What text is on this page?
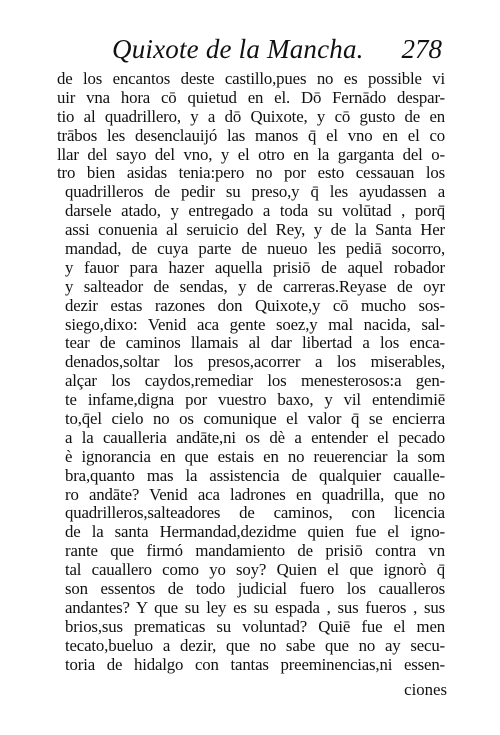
Quixote de la Mancha. 278
de los encantos deste castillo,pues no es possible vi
uir vna hora cō quietud en el. Dō Fernādo despar-
tio al quadrillero, y a dō Quixote, y cō gusto de en
trābos les desenclauijó las manos q̄ el vno en el co
llar del sayo del vno, y el otro en la garganta del o-
tro bien asidas tenia:pero no por esto cessauan los
quadrilleros de pedir su preso,y q̄ les ayudassen a
darsele atado, y entregado a toda su volūtad , porq̄
assi conuenia al seruicio del Rey, y de la Santa Her
mandad, de cuya parte de nueuo les pediā socorro,
y fauor para hazer aquella prisiō de aquel robador
y salteador de sendas, y de carreras.Reyase de oyr
dezir estas razones don Quixote,y cō mucho sos-
siego,dixo: Venid aca gente soez,y mal nacida, sal-
tear de caminos llamais al dar libertad a los enca-
denados,soltar los presos,acorrer a los miserables,
alçar los caydos,remediar los menesterosos:a gen-
te infame,digna por vuestro baxo, y vil entendimiē
to,q̄el cielo no os comunique el valor q̄ se encierra
a la caualleria andāte,ni os dè a entender el pecado
è ignorancia en que estais en no reuerenciar la som
bra,quanto mas la assistencia de qualquier caualle-
ro andāte? Venid aca ladrones en quadrilla, que no
quadrilleros,salteadores de caminos, con licencia
de la santa Hermandad,dezidme quien fue el igno-
rante que firmó mandamiento de prisiō contra vn
tal cauallero como yo soy? Quien el que ignorò q̄
son essentos de todo judicial fuero los caualleros
andantes? Y que su ley es su espada , sus fueros , sus
brios,sus prematicas su voluntad? Quiē fue el men
tecato,bueluo a dezir, que no sabe que no ay secu-
toria de hidalgo con tantas preeminencias,ni essen-
ciones
